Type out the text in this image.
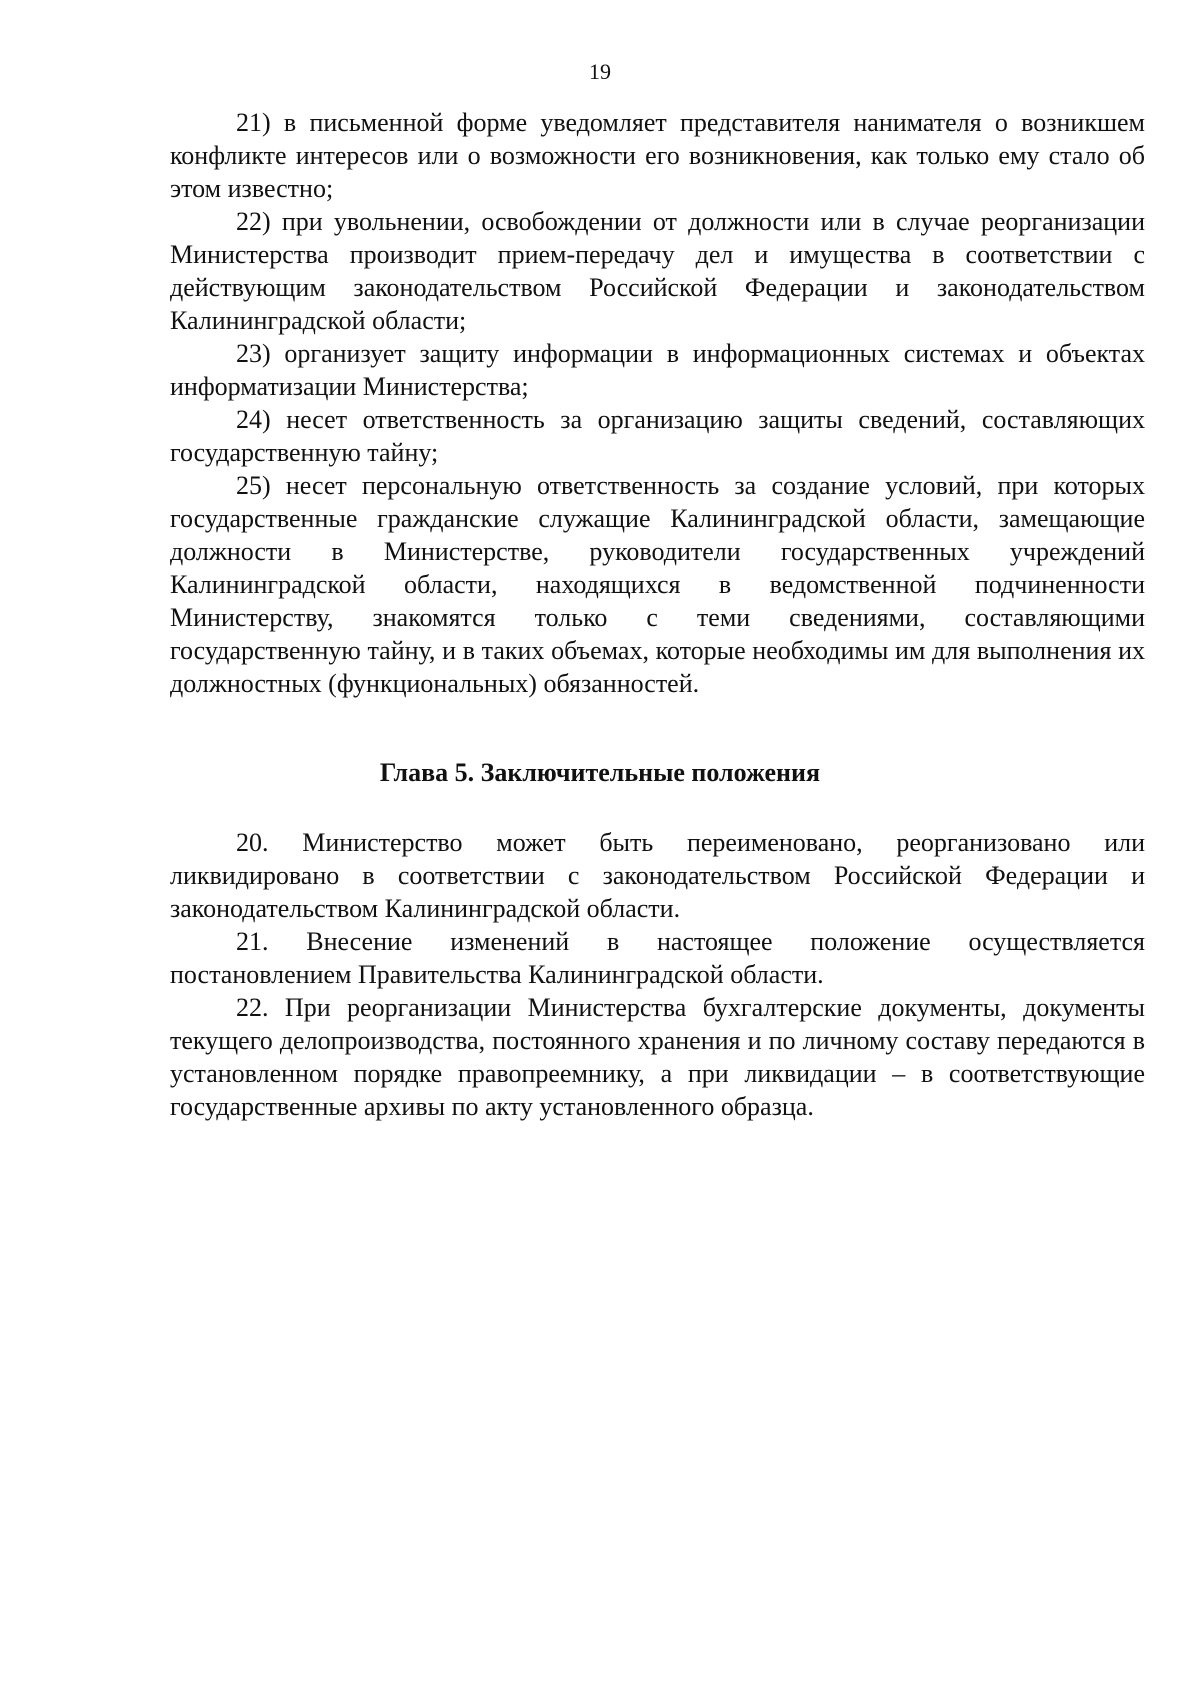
19

21) в письменной форме уведомляет представителя нанимателя о возникшем конфликте интересов или о возможности его возникновения, как только ему стало об этом известно;

22) при увольнении, освобождении от должности или в случае реорганизации Министерства производит прием-передачу дел и имущества в соответствии с действующим законодательством Российской Федерации и законодательством Калининградской области;

23) организует защиту информации в информационных системах и объектах информатизации Министерства;

24) несет ответственность за организацию защиты сведений, составляющих государственную тайну;

25) несет персональную ответственность за создание условий, при которых государственные гражданские служащие Калининградской области, замещающие должности в Министерстве, руководители государственных учреждений Калининградской области, находящихся в ведомственной подчиненности Министерству, знакомятся только с теми сведениями, составляющими государственную тайну, и в таких объемах, которые необходимы им для выполнения их должностных (функциональных) обязанностей.

Глава 5. Заключительные положения

20. Министерство может быть переименовано, реорганизовано или ликвидировано в соответствии с законодательством Российской Федерации и законодательством Калининградской области.

21. Внесение изменений в настоящее положение осуществляется постановлением Правительства Калининградской области.

22. При реорганизации Министерства бухгалтерские документы, документы текущего делопроизводства, постоянного хранения и по личному составу передаются в установленном порядке правопреемнику, а при ликвидации – в соответствующие государственные архивы по акту установленного образца.
